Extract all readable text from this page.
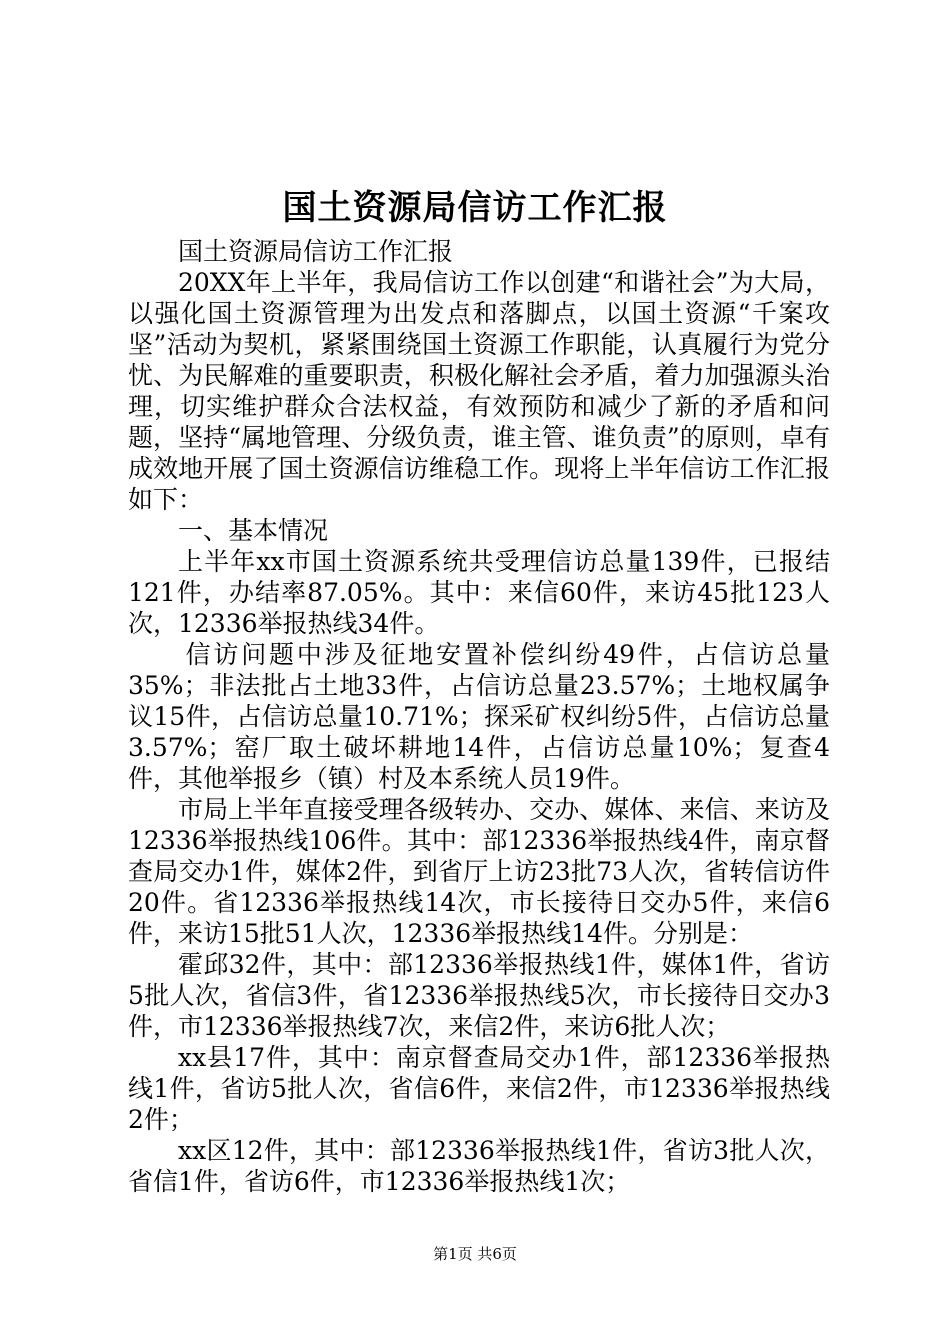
国土资源局信访工作汇报

国土资源局信访工作汇报

20XX年上半年，我局信访工作以创建“和谐社会”为大局，以强化国土资源管理为出发点和落脚点，以国土资源“千案攻坚”活动为契机，紧紧围绕国土资源工作职能，认真履行为党分忧、为民解难的重要职责，积极化解社会矛盾，着力加强源头治理，切实维护群众合法权益，有效预防和减少了新的矛盾和问题，坚持“属地管理、分级负责，谁主管、谁负责”的原则，卓有成效地开展了国土资源信访维稳工作。现将上半年信访工作汇报如下：

一、基本情况

上半年xx市国土资源系统共受理信访总量139件，已报结121件，办结率87.05%。其中：来信60件，来访45批123人次，12336举报热线34件。

信访问题中涉及征地安置补偿纠纷49件，占信访总量35%；非法批占土地33件，占信访总量23.57%；土地权属争议15件，占信访总量10.71%；探采矿权纠纷5件，占信访总量3.57%；窑厂取土破坏耕地14件，占信访总量10%；复查4件，其他举报乡（镇）村及本系统人员19件。

市局上半年直接受理各级转办、交办、媒体、来信、来访及12336举报热线106件。其中：部12336举报热线4件，南京督查局交办1件，媒体2件，到省厅上访23批73人次，省转信访件20件。省12336举报热线14次，市长接待日交办5件，来信6件，来访15批51人次，12336举报热线14件。分别是：

霍邱32件，其中：部12336举报热线1件，媒体1件，省访5批人次，省信3件，省12336举报热线5次，市长接待日交办3件，市12336举报热线7次，来信2件，来访6批人次；

xx县17件，其中：南京督查局交办1件，部12336举报热线1件，省访5批人次，省信6件，来信2件，市12336举报热线2件；

xx区12件，其中：部12336举报热线1件，省访3批人次，省信1件，省访6件，市12336举报热线1次；

第1页 共6页
